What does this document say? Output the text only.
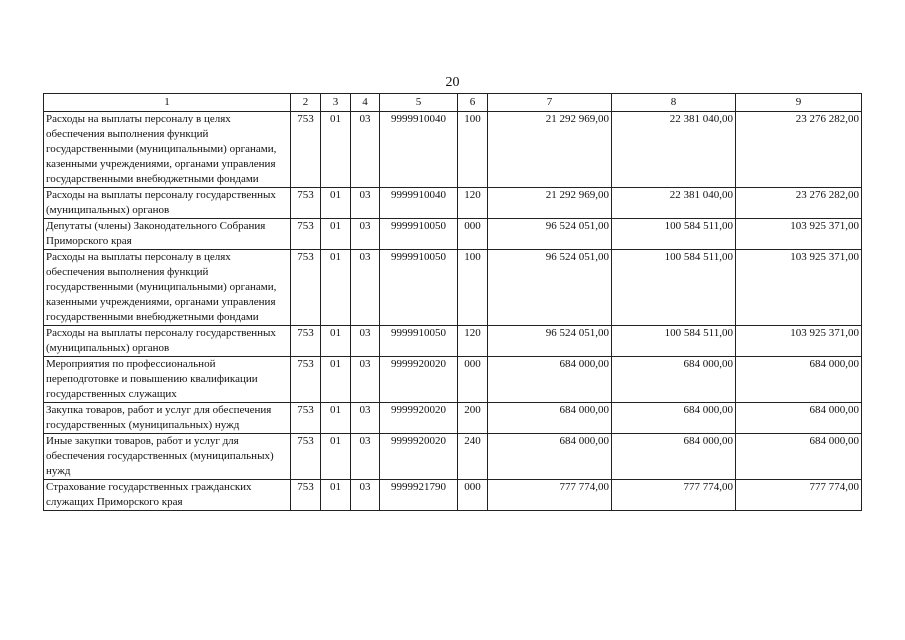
20
1	2	3	4	5	6	7	8	9
Расходы на выплаты персоналу в целях обеспечения выполнения функций государственными (муниципальными) органами, казенными учреждениями, органами управления государственными внебюджетными фондами	753	01	03	9999910040	100	21 292 969,00	22 381 040,00	23 276 282,00
Расходы на выплаты персоналу государственных (муниципальных) органов	753	01	03	9999910040	120	21 292 969,00	22 381 040,00	23 276 282,00
Депутаты (члены) Законодательного Собрания Приморского края	753	01	03	9999910050	000	96 524 051,00	100 584 511,00	103 925 371,00
Расходы на выплаты персоналу в целях обеспечения выполнения функций государственными (муниципальными) органами, казенными учреждениями, органами управления государственными внебюджетными фондами	753	01	03	9999910050	100	96 524 051,00	100 584 511,00	103 925 371,00
Расходы на выплаты персоналу государственных (муниципальных) органов	753	01	03	9999910050	120	96 524 051,00	100 584 511,00	103 925 371,00
Мероприятия по профессиональной переподготовке и повышению квалификации государственных служащих	753	01	03	9999920020	000	684 000,00	684 000,00	684 000,00
Закупка товаров, работ и услуг для обеспечения государственных (муниципальных) нужд	753	01	03	9999920020	200	684 000,00	684 000,00	684 000,00
Иные закупки товаров, работ и услуг для обеспечения государственных (муниципальных) нужд	753	01	03	9999920020	240	684 000,00	684 000,00	684 000,00
Страхование государственных гражданских служащих Приморского края	753	01	03	9999921790	000	777 774,00	777 774,00	777 774,00
